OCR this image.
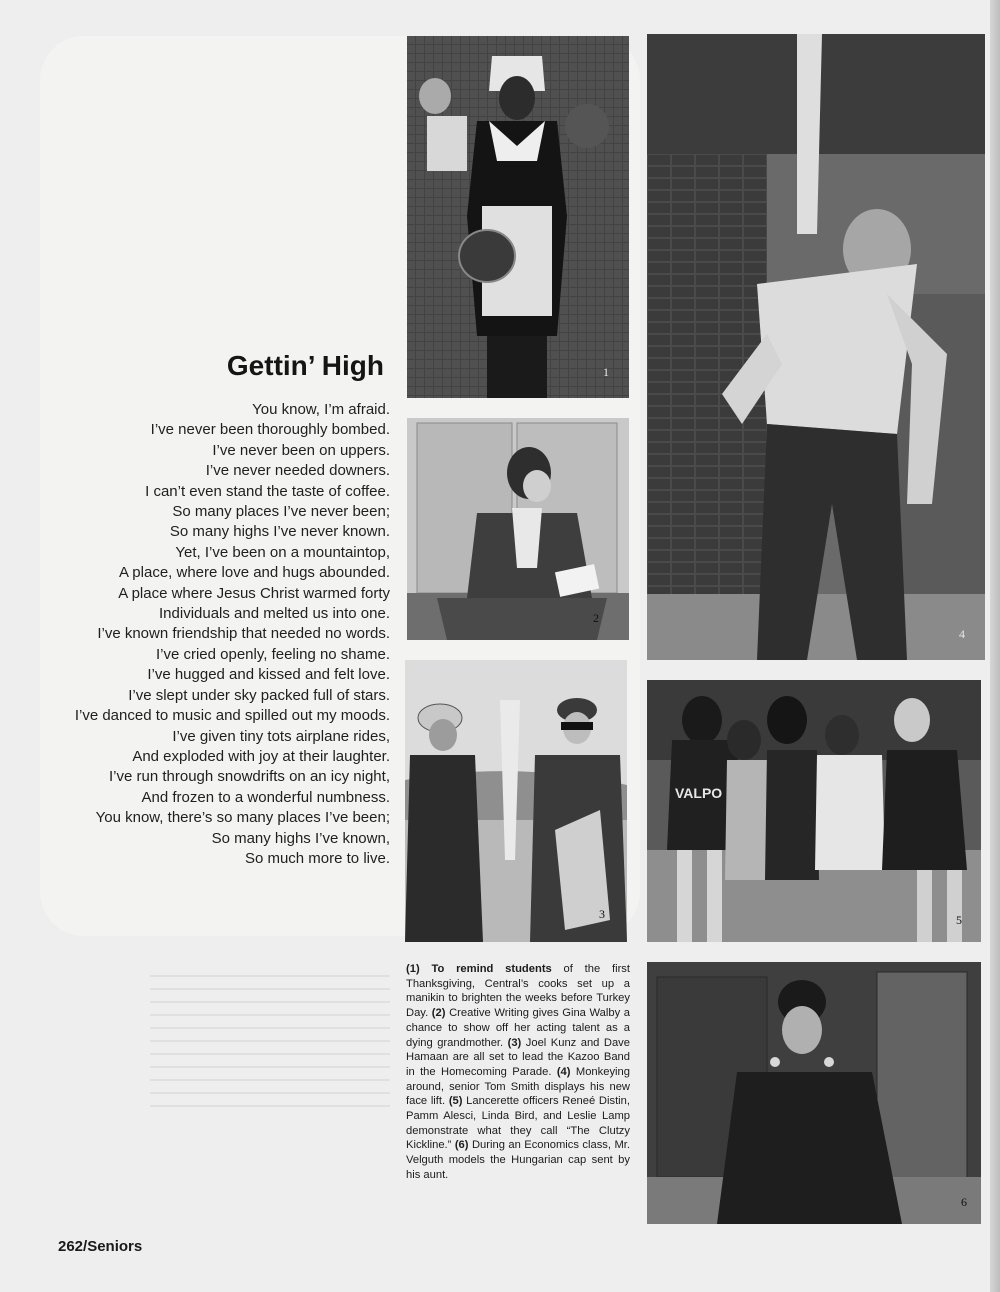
1
2
3
4
VALPO
5
6
Gettin’ High

You know, I’m afraid.
I’ve never been thoroughly bombed.
I’ve never been on uppers.
I’ve never needed downers.
I can’t even stand the taste of coffee.
So many places I’ve never been;
So many highs I’ve never known.
Yet, I’ve been on a mountaintop,
A place, where love and hugs abounded.
A place where Jesus Christ warmed forty
Individuals and melted us into one.
I’ve known friendship that needed no words.
I’ve cried openly, feeling no shame.
I’ve hugged and kissed and felt love.
I’ve slept under sky packed full of stars.
I’ve danced to music and spilled out my moods.
I’ve given tiny tots airplane rides,
And exploded with joy at their laughter.
I’ve run through snowdrifts on an icy night,
And frozen to a wonderful numbness.
You know, there’s so many places I’ve been;
So many highs I’ve known,
So much more to live.

(1) To remind students of the first Thanksgiving, Central’s cooks set up a manikin to brighten the weeks before Turkey Day. (2) Creative Writing gives Gina Walby a chance to show off her acting talent as a dying grandmother. (3) Joel Kunz and Dave Hamaan are all set to lead the Kazoo Band in the Homecoming Parade. (4) Monkeying around, senior Tom Smith displays his new face lift. (5) Lancerette officers Reneé Distin, Pamm Alesci, Linda Bird, and Leslie Lamp demonstrate what they call “The Clutzy Kickline.” (6) During an Economics class, Mr. Velguth models the Hungarian cap sent by his aunt.

262/Seniors
